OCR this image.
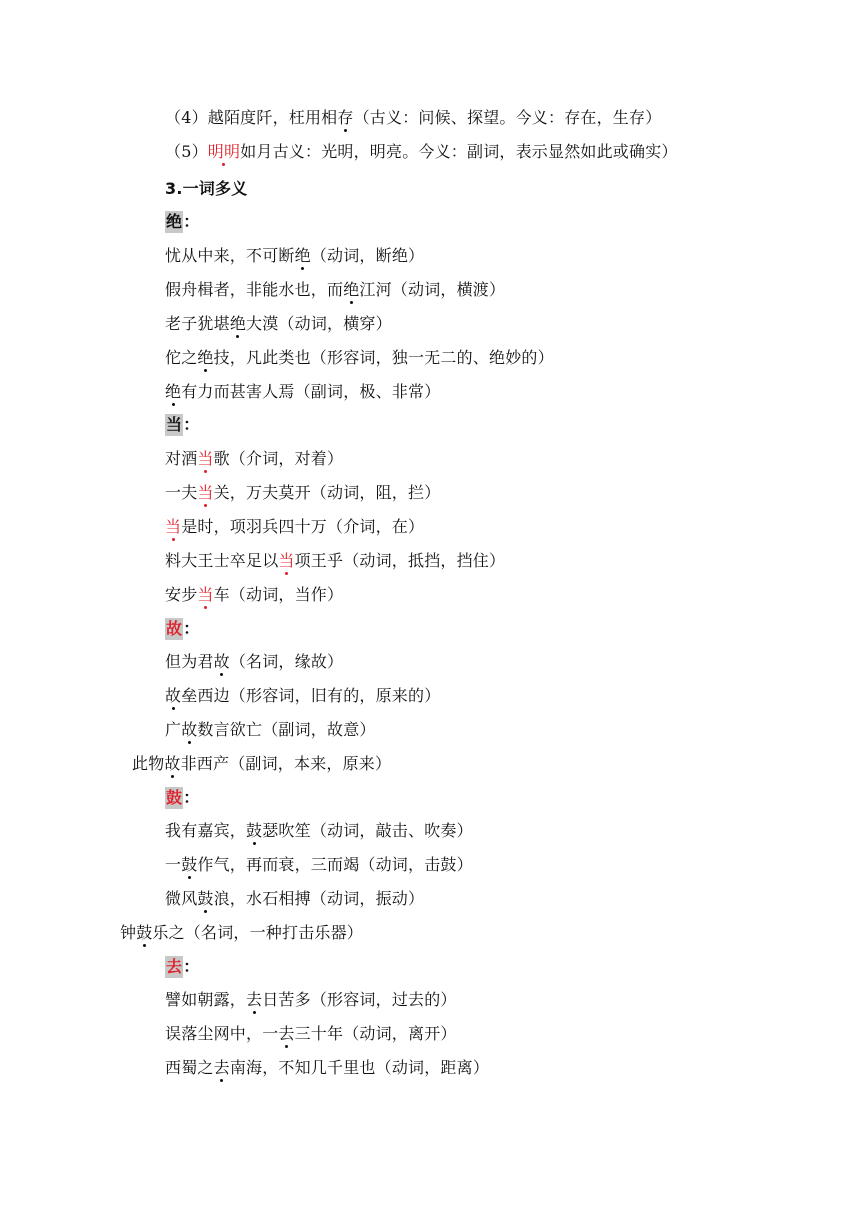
（4）越陌度阡，枉用相存（古义：问候、探望。今义：存在，生存）
（5）明明如月古义：光明，明亮。今义：副词，表示显然如此或确实）
3.一词多义
绝：
忧从中来，不可断绝（动词，断绝）
假舟楫者，非能水也，而绝江河（动词，横渡）
老子犹堪绝大漠（动词，横穿）
佗之绝技，凡此类也（形容词，独一无二的、绝妙的）
绝有力而甚害人焉（副词，极、非常）
当：
对酒当歌（介词，对着）
一夫当关，万夫莫开（动词，阻，拦）
当是时，项羽兵四十万（介词，在）
料大王士卒足以当项王乎（动词，抵挡，挡住）
安步当车（动词，当作）
故：
但为君故（名词，缘故）
故垒西边（形容词，旧有的，原来的）
广故数言欲亡（副词，故意）
此物故非西产（副词，本来，原来）
鼓：
我有嘉宾，鼓瑟吹笙（动词，敲击、吹奏）
一鼓作气，再而衰，三而竭（动词，击鼓）
微风鼓浪，水石相搏（动词，振动）
钟鼓乐之（名词，一种打击乐器）
去：
譬如朝露，去日苦多（形容词，过去的）
误落尘网中，一去三十年（动词，离开）
西蜀之去南海，不知几千里也（动词，距离）
